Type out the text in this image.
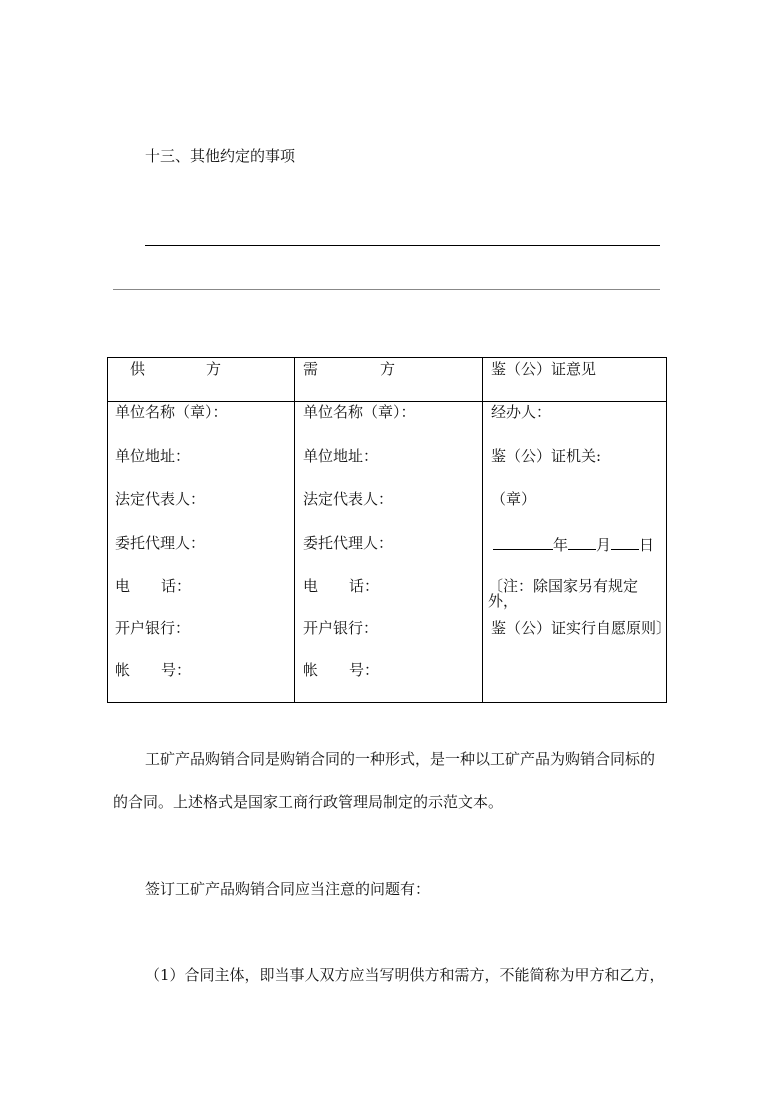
十三、其他约定的事项
供	方
单位名称（章）：
单位地址：
法定代表人：
委托代理人：
电 话：
开户银行：
帐 号：
需	方
单位名称（章）：
单位地址：
法定代表人：
委托代理人：
电 话：
开户银行：
帐 号：
鉴（公）证意见
经办人：
鉴（公）证机关:
（章）
年 月 日
〔注：除国家另有规定外，
鉴（公）证实行自愿原则〕
工矿产品购销合同是购销合同的一种形式，是一种以工矿产品为购销合同标的
的合同。上述格式是国家工商行政管理局制定的示范文本。
签订工矿产品购销合同应当注意的问题有：
（1）合同主体，即当事人双方应当写明供方和需方，不能简称为甲方和乙方，
